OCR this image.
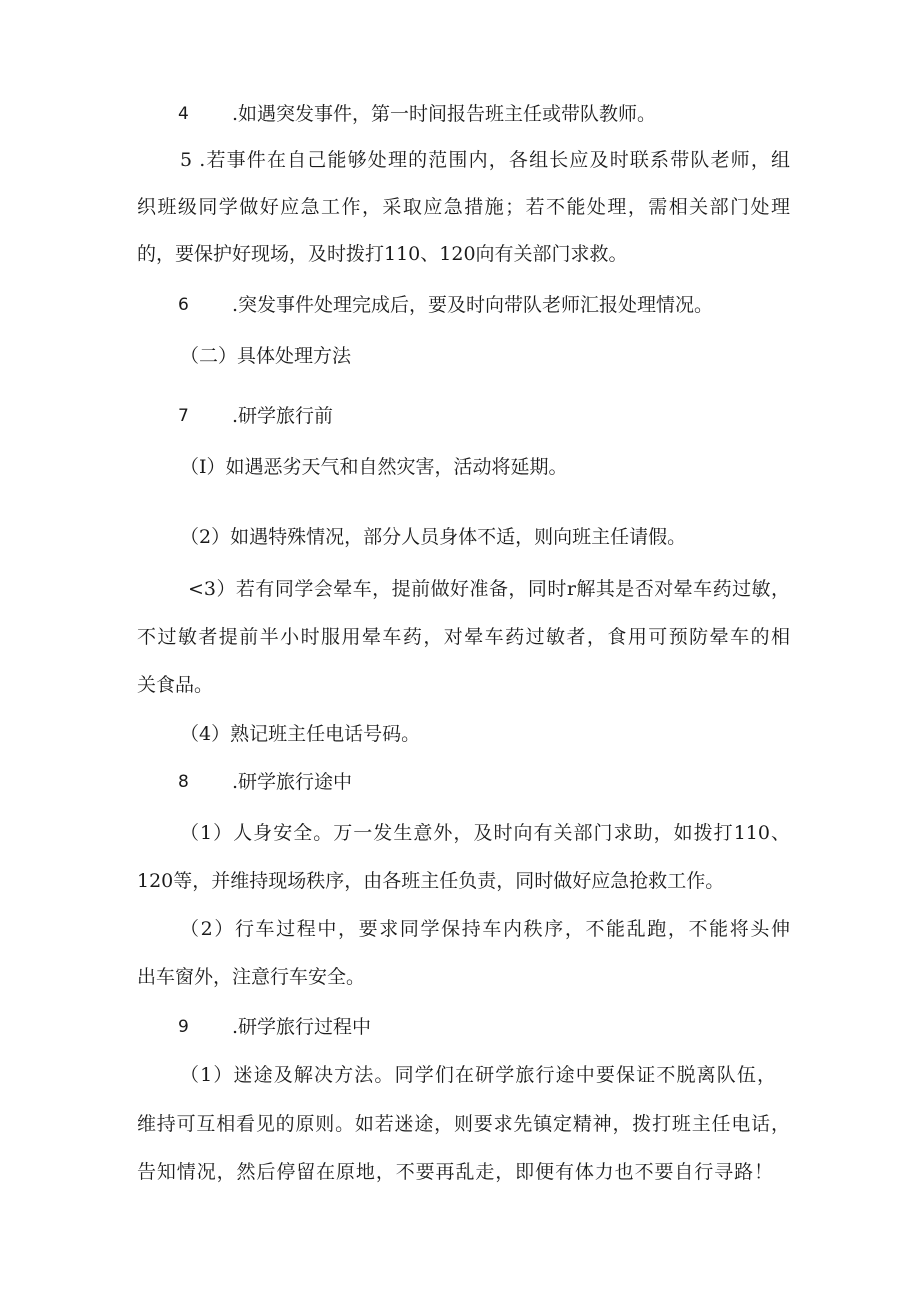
4 .如遇突发事件，第一时间报告班主任或带队教师。
5 .若事件在自己能够处理的范围内，各组长应及时联系带队老师，组
织班级同学做好应急工作，采取应急措施；若不能处理，需相关部门处理
的，要保护好现场，及时拨打110、120向有关部门求救。
6 .突发事件处理完成后，要及时向带队老师汇报处理情况。
（二）具体处理方法
7 .研学旅行前
（I）如遇恶劣天气和自然灾害，活动将延期。
（2）如遇特殊情况，部分人员身体不适，则向班主任请假。
<3）若有同学会晕车，提前做好准备，同时r解其是否对晕车药过敏，
不过敏者提前半小时服用晕车药，对晕车药过敏者，食用可预防晕车的相
关食品。
（4）熟记班主任电话号码。
8 .研学旅行途中
（1）人身安全。万一发生意外，及时向有关部门求助，如拨打110、
120等，并维持现场秩序，由各班主任负责，同时做好应急抢救工作。
（2）行车过程中，要求同学保持车内秩序，不能乱跑，不能将头伸
出车窗外，注意行车安全。
9 .研学旅行过程中
（1）迷途及解决方法。同学们在研学旅行途中要保证不脱离队伍，
维持可互相看见的原则。如若迷途，则要求先镇定精神，拨打班主任电话，
告知情况，然后停留在原地，不要再乱走，即便有体力也不要自行寻路！
